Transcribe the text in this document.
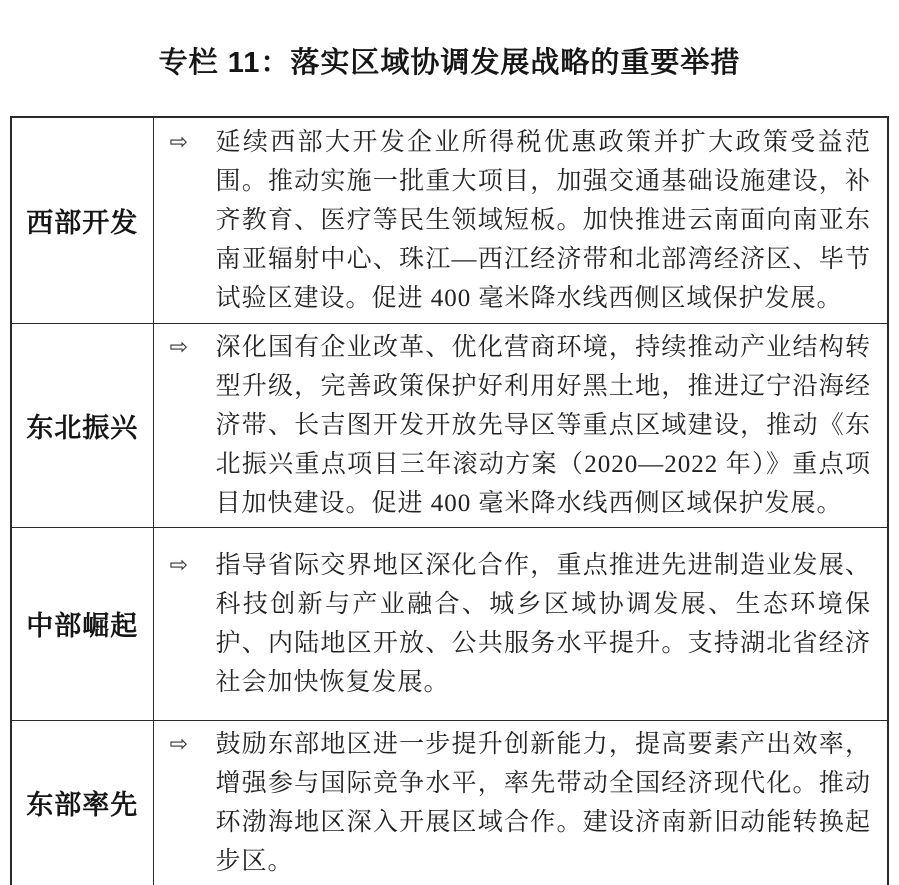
专栏 11：落实区域协调发展战略的重要举措
西部开发	⇨ 延续西部大开发企业所得税优惠政策并扩大政策受益范围。推动实施一批重大项目，加强交通基础设施建设，补齐教育、医疗等民生领域短板。加快推进云南面向南亚东南亚辐射中心、珠江—西江经济带和北部湾经济区、毕节试验区建设。促进 400 毫米降水线西侧区域保护发展。

东北振兴	⇨ 深化国有企业改革、优化营商环境，持续推动产业结构转型升级，完善政策保护好利用好黑土地，推进辽宁沿海经济带、长吉图开发开放先导区等重点区域建设，推动《东北振兴重点项目三年滚动方案（2020—2022 年）》重点项目加快建设。促进 400 毫米降水线西侧区域保护发展。

中部崛起	⇨ 指导省际交界地区深化合作，重点推进先进制造业发展、科技创新与产业融合、城乡区域协调发展、生态环境保护、内陆地区开放、公共服务水平提升。支持湖北省经济社会加快恢复发展。

东部率先	⇨ 鼓励东部地区进一步提升创新能力，提高要素产出效率，增强参与国际竞争水平，率先带动全国经济现代化。推动环渤海地区深入开展区域合作。建设济南新旧动能转换起步区。
